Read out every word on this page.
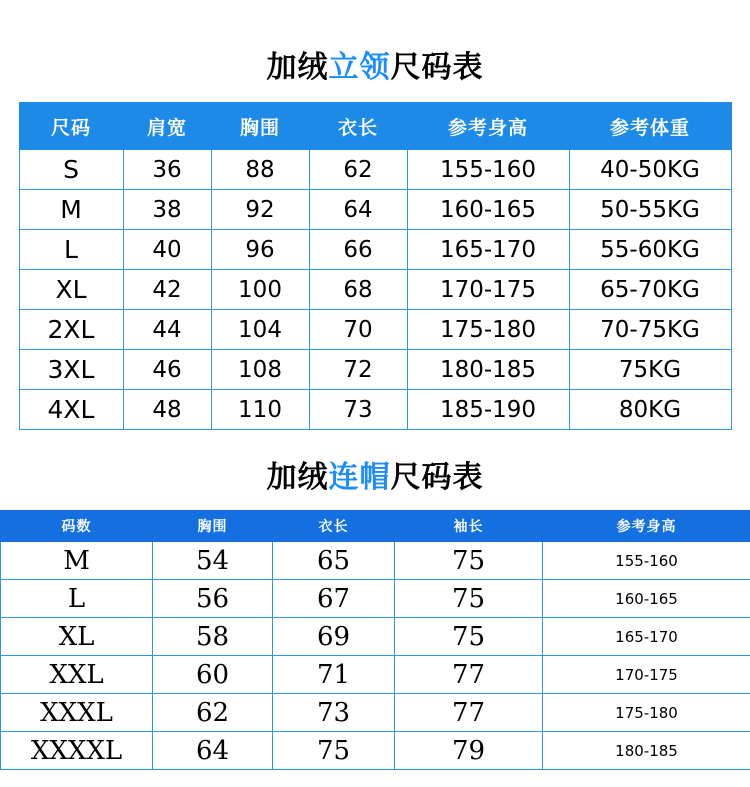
加绒立领尺码表
尺码	肩宽	胸围	衣长	参考身高	参考体重
S	36	88	62	155-160	40-50KG
M	38	92	64	160-165	50-55KG
L	40	96	66	165-170	55-60KG
XL	42	100	68	170-175	65-70KG
2XL	44	104	70	175-180	70-75KG
3XL	46	108	72	180-185	75KG
4XL	48	110	73	185-190	80KG
加绒连帽尺码表
码数	胸围	衣长	袖长	参考身高
M	54	65	75	155-160
L	56	67	75	160-165
XL	58	69	75	165-170
XXL	60	71	77	170-175
XXXL	62	73	77	175-180
XXXXL	64	75	79	180-185
